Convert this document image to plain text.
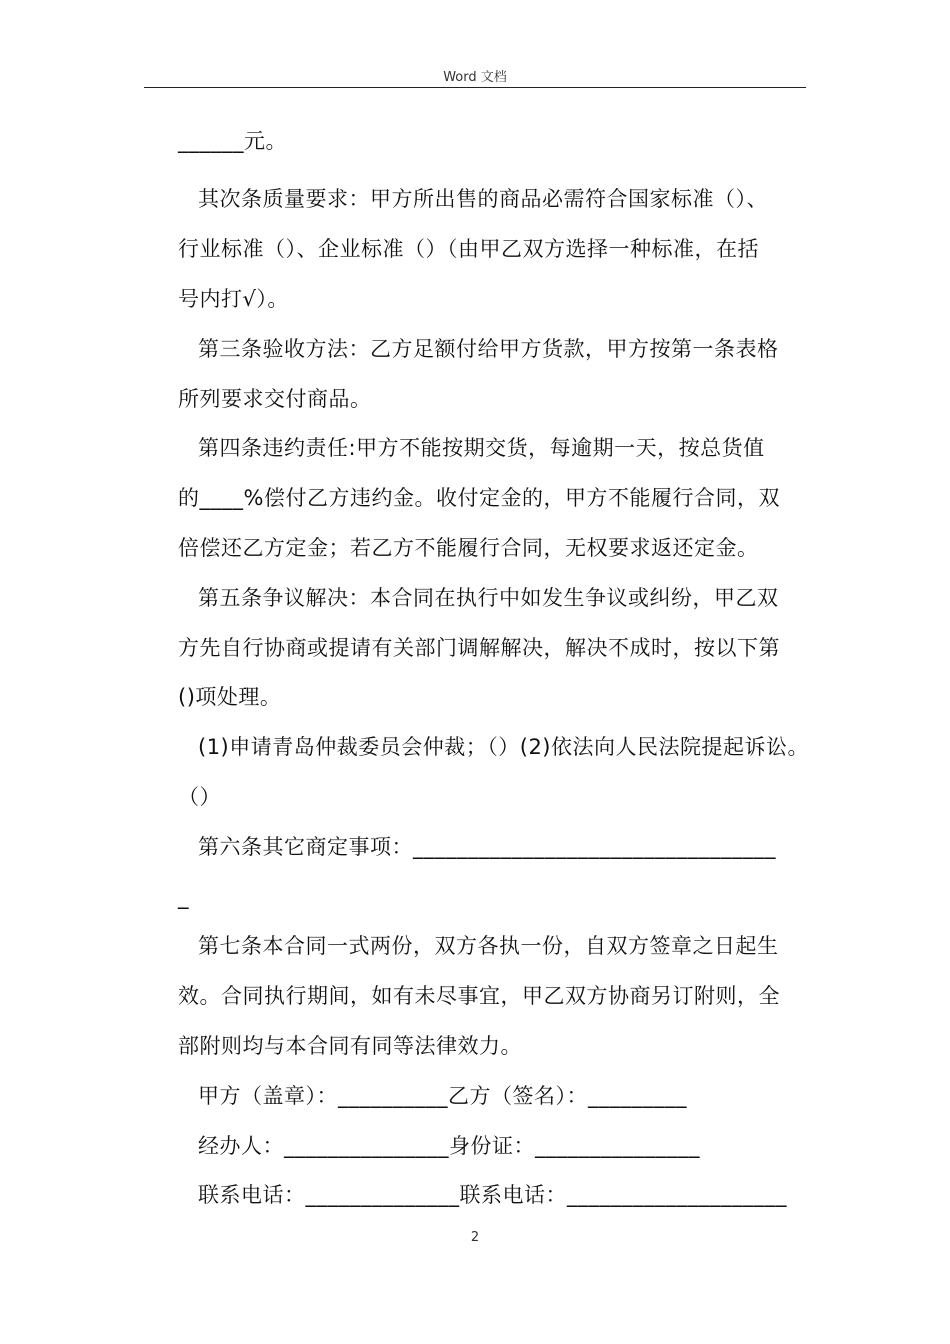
Word 文档
______元。
其次条质量要求：甲方所出售的商品必需符合国家标准（）、
行业标准（）、企业标准（）（由甲乙双方选择一种标准，在括
号内打√）。
第三条验收方法：乙方足额付给甲方货款，甲方按第一条表格
所列要求交付商品。
第四条违约责任:甲方不能按期交货，每逾期一天，按总货值
的____%偿付乙方违约金。收付定金的，甲方不能履行合同，双
倍偿还乙方定金；若乙方不能履行合同，无权要求返还定金。
第五条争议解决：本合同在执行中如发生争议或纠纷，甲乙双
方先自行协商或提请有关部门调解解决，解决不成时，按以下第
()项处理。
(1)申请青岛仲裁委员会仲裁；（）(2)依法向人民法院提起诉讼。
（）
第六条其它商定事项：_________________________________
_
第七条本合同一式两份，双方各执一份，自双方签章之日起生
效。合同执行期间，如有未尽事宜，甲乙双方协商另订附则，全
部附则均与本合同有同等法律效力。
甲方（盖章）：__________乙方（签名）：_________
经办人：_______________身份证：_______________
联系电话：______________联系电话：____________________
2
